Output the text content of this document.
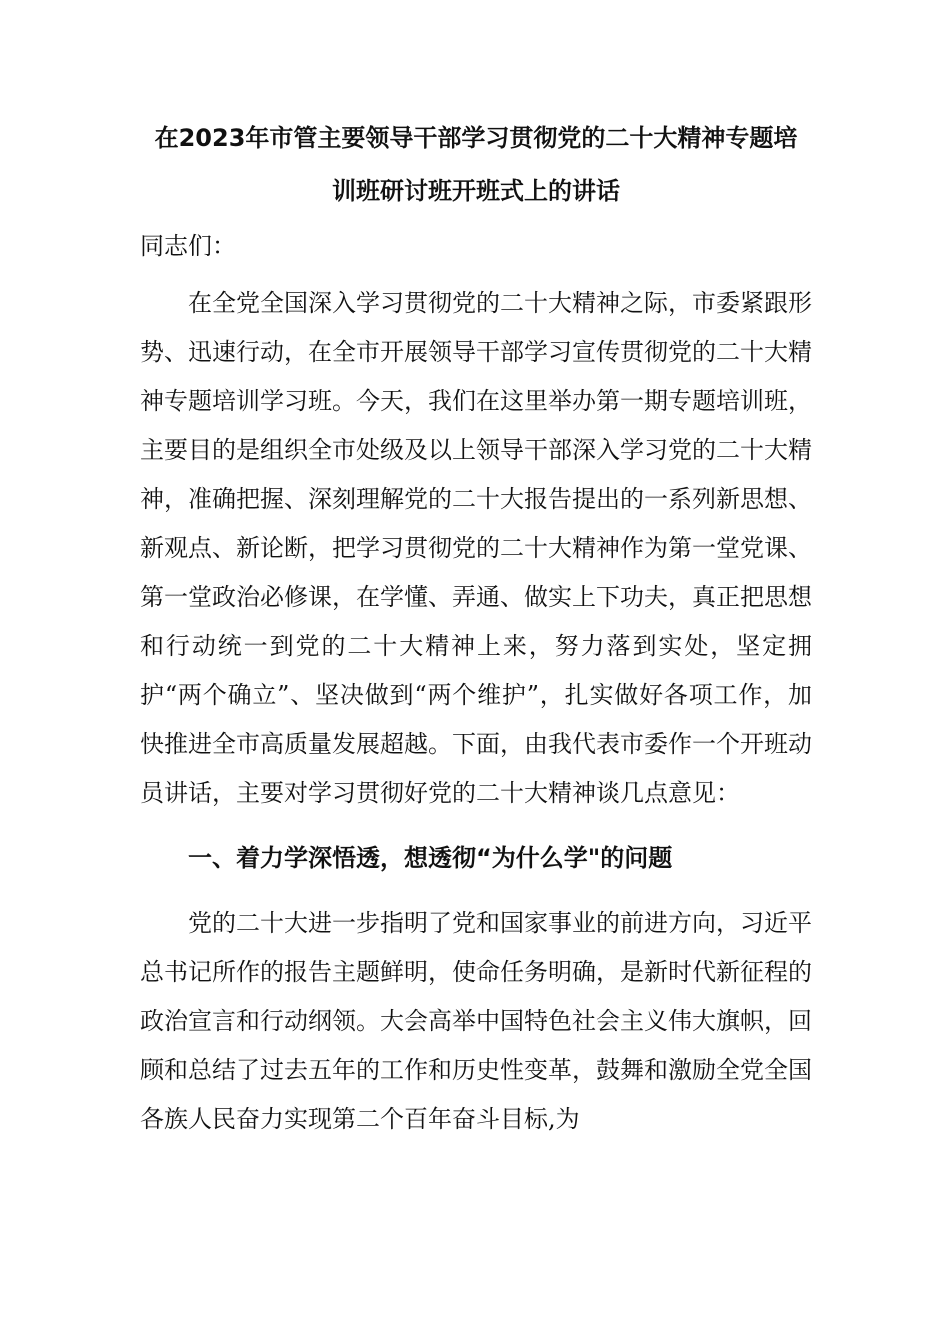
在2023年市管主要领导干部学习贯彻党的二十大精神专题培
训班研讨班开班式上的讲话

同志们：

在全党全国深入学习贯彻党的二十大精神之际，市委紧跟形势、迅速行动，在全市开展领导干部学习宣传贯彻党的二十大精神专题培训学习班。今天，我们在这里举办第一期专题培训班，主要目的是组织全市处级及以上领导干部深入学习党的二十大精神，准确把握、深刻理解党的二十大报告提出的一系列新思想、新观点、新论断，把学习贯彻党的二十大精神作为第一堂党课、第一堂政治必修课，在学懂、弄通、做实上下功夫，真正把思想和行动统一到党的二十大精神上来，努力落到实处，坚定拥护“两个确立”、坚决做到“两个维护”，扎实做好各项工作，加快推进全市高质量发展超越。下面，由我代表市委作一个开班动员讲话，主要对学习贯彻好党的二十大精神谈几点意见：

一、着力学深悟透，想透彻“为什么学"的问题

党的二十大进一步指明了党和国家事业的前进方向，习近平总书记所作的报告主题鲜明，使命任务明确，是新时代新征程的政治宣言和行动纲领。大会高举中国特色社会主义伟大旗帜，回顾和总结了过去五年的工作和历史性变革，鼓舞和激励全党全国各族人民奋力实现第二个百年奋斗目标,为
